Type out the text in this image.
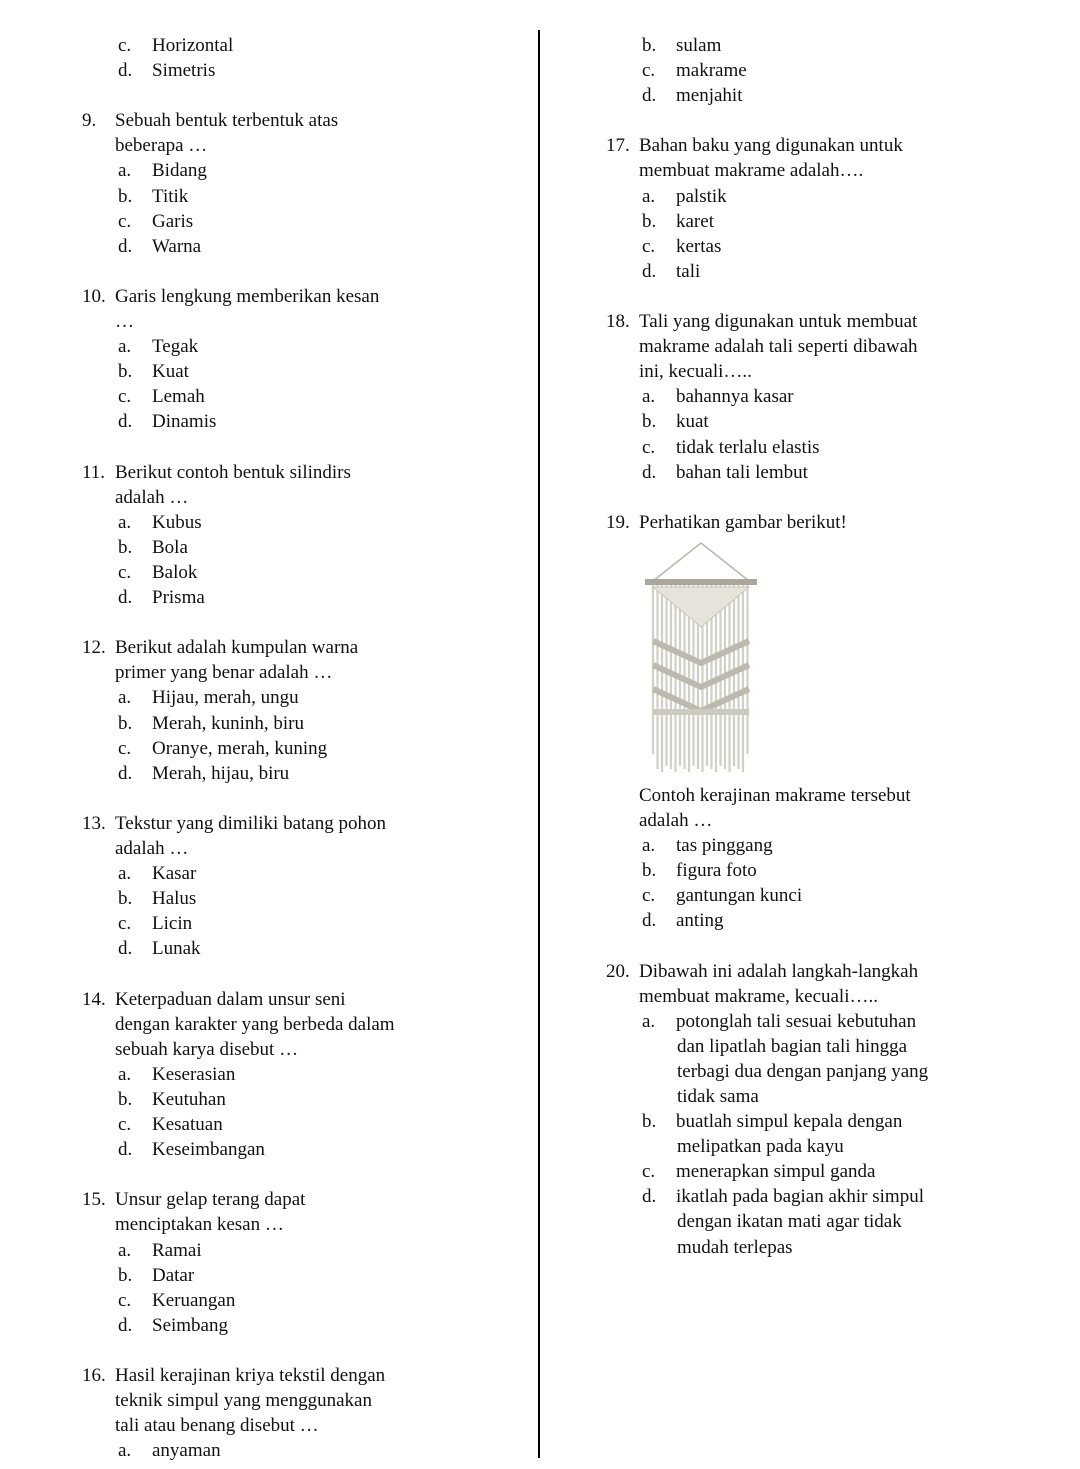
c. Horizontal
d. Simetris
9. Sebuah bentuk terbentuk atas
beberapa …
a. Bidang
b. Titik
c. Garis
d. Warna
10. Garis lengkung memberikan kesan
…
a. Tegak
b. Kuat
c. Lemah
d. Dinamis
11. Berikut contoh bentuk silindirs
adalah …
a. Kubus
b. Bola
c. Balok
d. Prisma
12. Berikut adalah kumpulan warna
primer yang benar adalah …
a. Hijau, merah, ungu
b. Merah, kuninh, biru
c. Oranye, merah, kuning
d. Merah, hijau, biru
13. Tekstur yang dimiliki batang pohon
adalah …
a. Kasar
b. Halus
c. Licin
d. Lunak
14. Keterpaduan dalam unsur seni
dengan karakter yang berbeda dalam
sebuah karya disebut …
a. Keserasian
b. Keutuhan
c. Kesatuan
d. Keseimbangan
15. Unsur gelap terang dapat
menciptakan kesan …
a. Ramai
b. Datar
c. Keruangan
d. Seimbang
16. Hasil kerajinan kriya tekstil dengan
teknik simpul yang menggunakan
tali atau benang disebut …
a. anyaman
b. sulam
c. makrame
d. menjahit
17. Bahan baku yang digunakan untuk
membuat makrame adalah….
a. palstik
b. karet
c. kertas
d. tali
18. Tali yang digunakan untuk membuat
makrame adalah tali seperti dibawah
ini, kecuali…..
a. bahannya kasar
b. kuat
c. tidak terlalu elastis
d. bahan tali lembut
19. Perhatikan gambar berikut!
Contoh kerajinan makrame tersebut
adalah …
a. tas pinggang
b. figura foto
c. gantungan kunci
d. anting
20. Dibawah ini adalah langkah-langkah
membuat makrame, kecuali…..
a. potonglah tali sesuai kebutuhan
dan lipatlah bagian tali hingga
terbagi dua dengan panjang yang
tidak sama
b. buatlah simpul kepala dengan
melipatkan pada kayu
c. menerapkan simpul ganda
d. ikatlah pada bagian akhir simpul
dengan ikatan mati agar tidak
mudah terlepas
